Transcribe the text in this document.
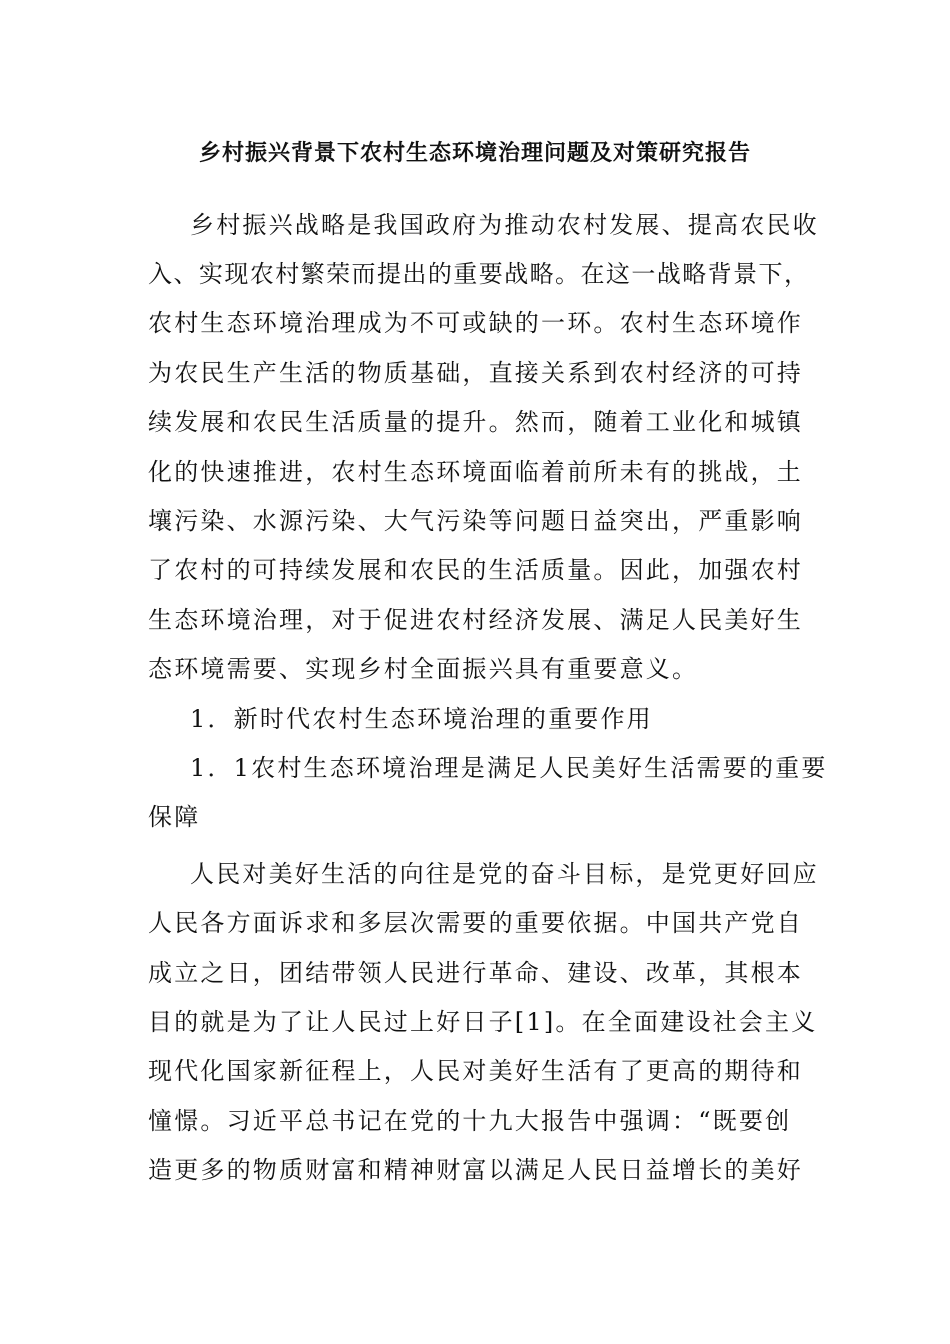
乡村振兴背景下农村生态环境治理问题及对策研究报告

乡村振兴战略是我国政府为推动农村发展、提高农民收

入、实现农村繁荣而提出的重要战略。在这一战略背景下，

农村生态环境治理成为不可或缺的一环。农村生态环境作

为农民生产生活的物质基础，直接关系到农村经济的可持

续发展和农民生活质量的提升。然而，随着工业化和城镇

化的快速推进，农村生态环境面临着前所未有的挑战，土

壤污染、水源污染、大气污染等问题日益突出，严重影响

了农村的可持续发展和农民的生活质量。因此，加强农村

生态环境治理，对于促进农村经济发展、满足人民美好生

态环境需要、实现乡村全面振兴具有重要意义。

1．新时代农村生态环境治理的重要作用

1．1农村生态环境治理是满足人民美好生活需要的重要

保障

人民对美好生活的向往是党的奋斗目标，是党更好回应

人民各方面诉求和多层次需要的重要依据。中国共产党自

成立之日，团结带领人民进行革命、建设、改革，其根本

目的就是为了让人民过上好日子[1]。在全面建设社会主义

现代化国家新征程上，人民对美好生活有了更高的期待和

憧憬。习近平总书记在党的十九大报告中强调：“既要创

造更多的物质财富和精神财富以满足人民日益增长的美好
